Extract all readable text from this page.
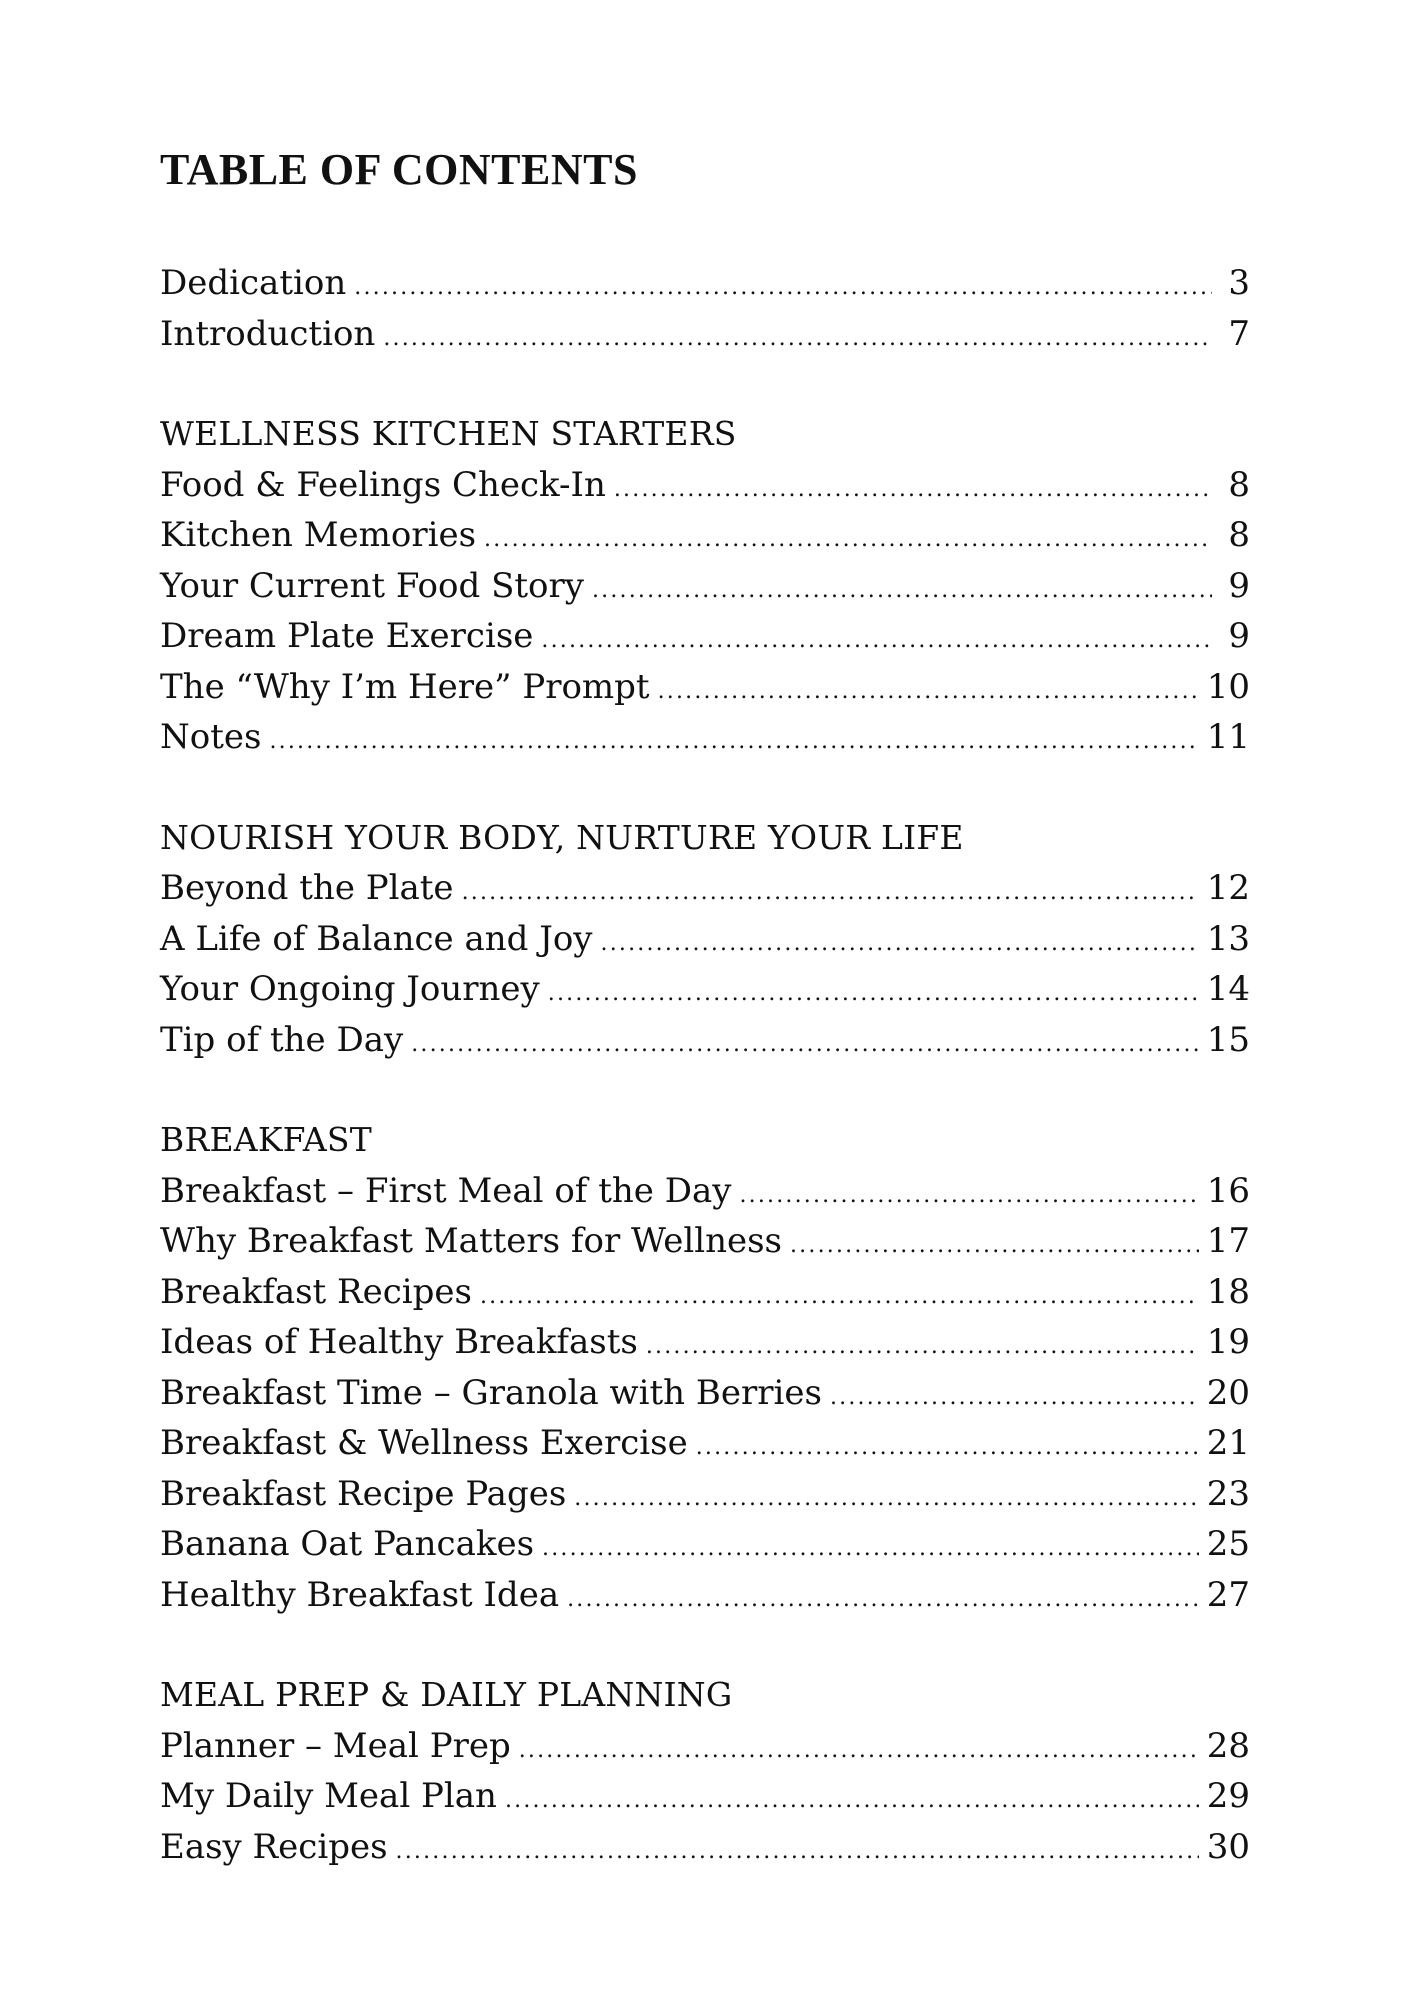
TABLE OF CONTENTS
Dedication .....	3
Introduction .....	7
WELLNESS KITCHEN STARTERS
Food & Feelings Check-In .....	8
Kitchen Memories .....	8
Your Current Food Story .....	9
Dream Plate Exercise .....	9
The “Why I’m Here” Prompt .....	10
Notes .....	11
NOURISH YOUR BODY, NURTURE YOUR LIFE
Beyond the Plate .....	12
A Life of Balance and Joy .....	13
Your Ongoing Journey .....	14
Tip of the Day .....	15
BREAKFAST
Breakfast – First Meal of the Day .....	16
Why Breakfast Matters for Wellness .....	17
Breakfast Recipes .....	18
Ideas of Healthy Breakfasts .....	19
Breakfast Time – Granola with Berries .....	20
Breakfast & Wellness Exercise .....	21
Breakfast Recipe Pages .....	23
Banana Oat Pancakes .....	25
Healthy Breakfast Idea .....	27
MEAL PREP & DAILY PLANNING
Planner – Meal Prep .....	28
My Daily Meal Plan .....	29
Easy Recipes .....	30
